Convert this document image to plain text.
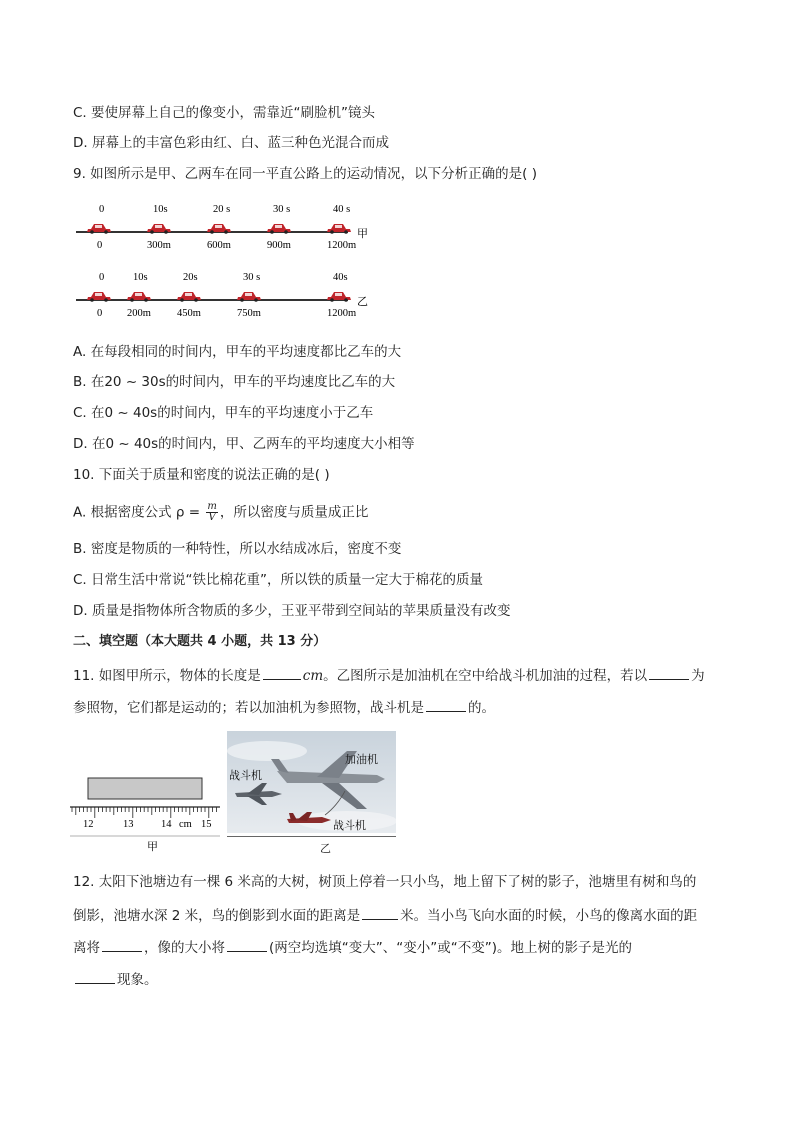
C. 要使屏幕上自己的像变小，需靠近“刷脸机”镜头
D. 屏幕上的丰富色彩由红、白、蓝三种色光混合而成
9. 如图所示是甲、乙两车在同一平直公路上的运动情况，以下分析正确的是( )
0
0
10s
300m
20 s
600m
30 s
900m
40 s
1200m
甲
0
0
10s
200m
20s
450m
30 s
750m
40s
1200m
乙
A. 在每段相同的时间内，甲车的平均速度都比乙车的大
B. 在20 ~ 30s的时间内，甲车的平均速度比乙车的大
C. 在0 ~ 40s的时间内，甲车的平均速度小于乙车
D. 在0 ~ 40s的时间内，甲、乙两车的平均速度大小相等
10. 下面关于质量和密度的说法正确的是( )
A. 根据密度公式 $\rho = \frac{m}{V}$ ，所以密度与质量成正比
B. 密度是物质的一种特性，所以水结成冰后，密度不变
C. 日常生活中常说“铁比棉花重”，所以铁的质量一定大于棉花的质量
D. 质量是指物体所含物质的多少，王亚平带到空间站的苹果质量没有改变
二、填空题（本大题共 4 小题，共 13 分）
11. 如图甲所示，物体的长度是	cm。乙图所示是加油机在空中给战斗机加油的过程，若以	为
参照物，它们都是运动的；若以加油机为参照物，战斗机是	的。
12	13	14 cm 15
甲
加油机
战斗机
战斗机
乙
12. 太阳下池塘边有一棵 6 米高的大树，树顶上停着一只小鸟，地上留下了树的影子，池塘里有树和鸟的
倒影，池塘水深 2 米，鸟的倒影到水面的距离是	米。当小鸟飞向水面的时候，小鸟的像离水面的距
离将	，像的大小将	(两空均选填“变大”、“变小”或“不变”)。地上树的影子是光的
现象。
